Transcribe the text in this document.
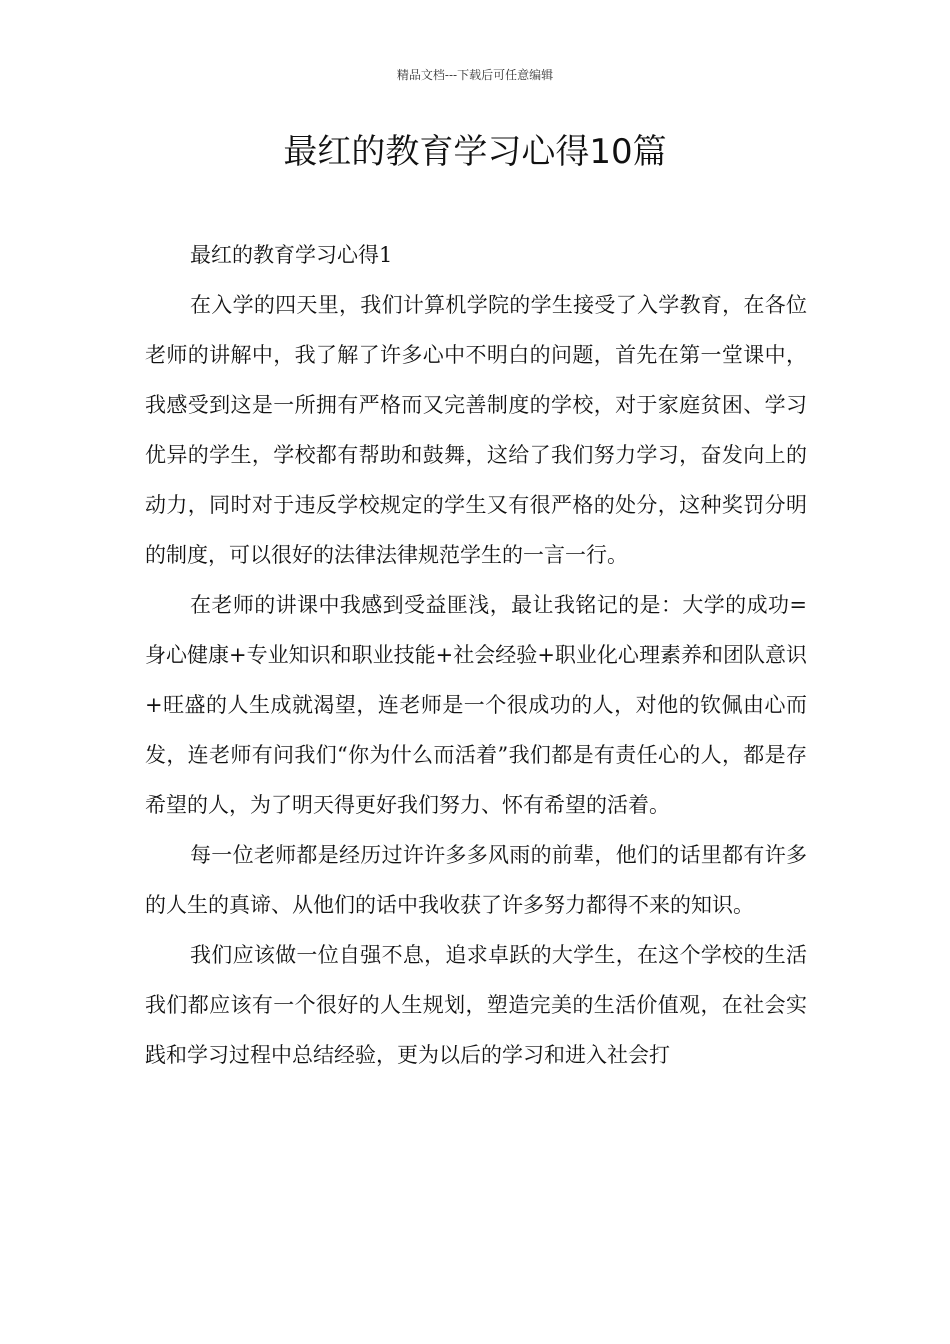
精品文档---下载后可任意编辑
最红的教育学习心得10篇

最红的教育学习心得1

在入学的四天里，我们计算机学院的学生接受了入学教育，在各位老师的讲解中，我了解了许多心中不明白的问题，首先在第一堂课中，我感受到这是一所拥有严格而又完善制度的学校，对于家庭贫困、学习优异的学生，学校都有帮助和鼓舞，这给了我们努力学习，奋发向上的动力，同时对于违反学校规定的学生又有很严格的处分，这种奖罚分明的制度，可以很好的法律法律规范学生的一言一行。

在老师的讲课中我感到受益匪浅，最让我铭记的是：大学的成功=身心健康+专业知识和职业技能+社会经验+职业化心理素养和团队意识+旺盛的人生成就渴望，连老师是一个很成功的人，对他的钦佩由心而发，连老师有问我们“你为什么而活着”我们都是有责任心的人，都是存希望的人，为了明天得更好我们努力、怀有希望的活着。

每一位老师都是经历过许许多多风雨的前辈，他们的话里都有许多的人生的真谛、从他们的话中我收获了许多努力都得不来的知识。

我们应该做一位自强不息，追求卓跃的大学生，在这个学校的生活我们都应该有一个很好的人生规划，塑造完美的生活价值观，在社会实践和学习过程中总结经验，更为以后的学习和进入社会打
